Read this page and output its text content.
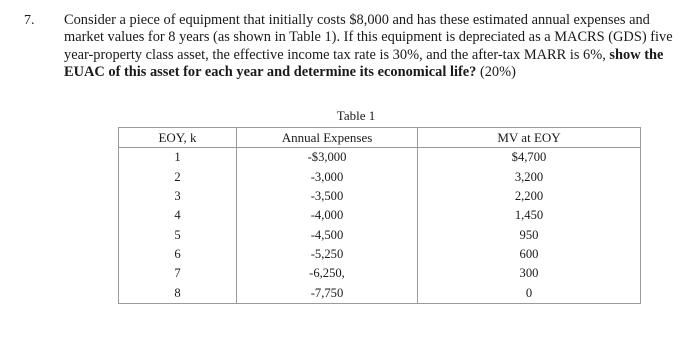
7. Consider a piece of equipment that initially costs $8,000 and has these estimated annual expenses and market values for 8 years (as shown in Table 1). If this equipment is depreciated as a MACRS (GDS) five year-property class asset, the effective income tax rate is 30%, and the after-tax MARR is 6%, show the EUAC of this asset for each year and determine its economical life? (20%)
Table 1
EOY, k	Annual Expenses	MV at EOY
1	-$3,000	$4,700
2	-3,000	3,200
3	-3,500	2,200
4	-4,000	1,450
5	-4,500	950
6	-5,250	600
7	-6,250,	300
8	-7,750	0
